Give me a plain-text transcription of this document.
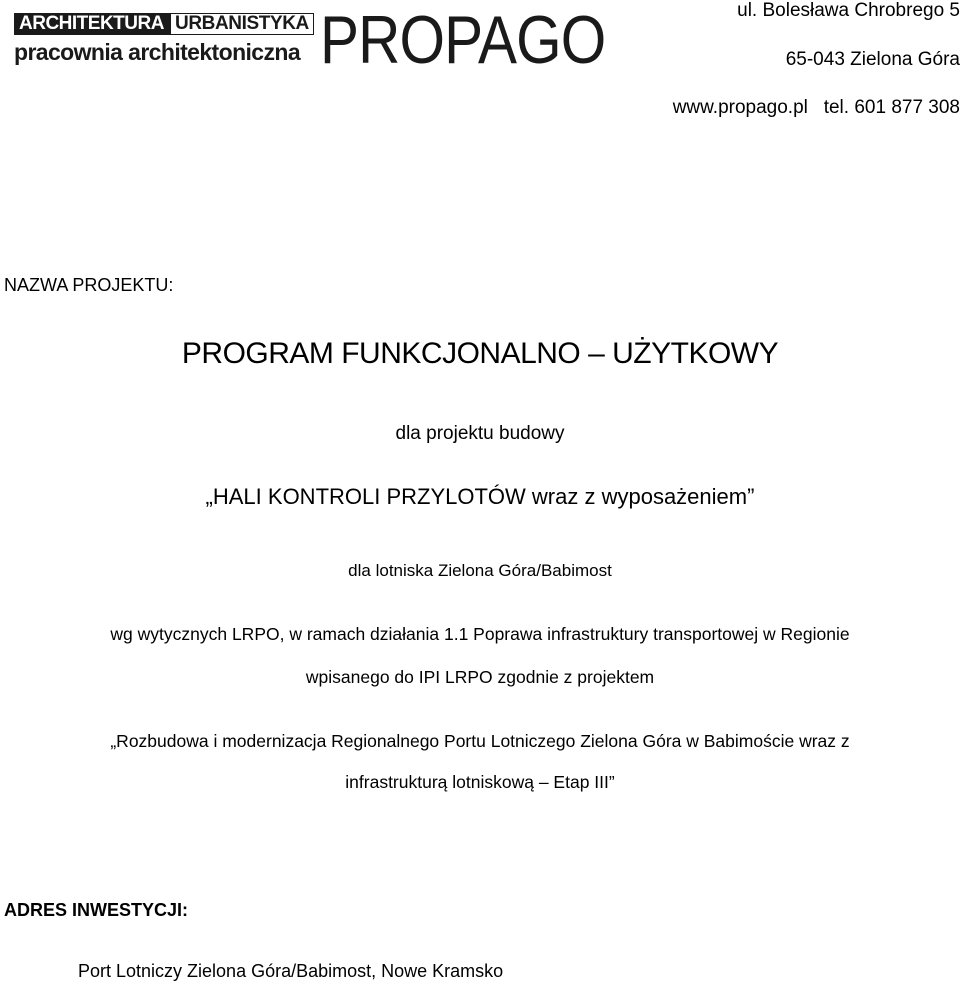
ARCHITEKTURA URBANISTYKA
pracownia architektoniczna PROPAGO	ul. Bolesława Chrobrego 5
65-043 Zielona Góra
www.propago.pl   tel. 601 877 308
NAZWA PROJEKTU:
PROGRAM FUNKCJONALNO – UŻYTKOWY
dla projektu budowy
„HALI KONTROLI PRZYLOTÓW wraz z wyposażeniem”
dla lotniska Zielona Góra/Babimost
wg wytycznych LRPO, w ramach działania 1.1 Poprawa infrastruktury transportowej w Regionie
wpisanego do IPI LRPO zgodnie z projektem
„Rozbudowa i modernizacja Regionalnego Portu Lotniczego Zielona Góra w Babimoście wraz z
infrastrukturą lotniskową – Etap III”
ADRES INWESTYCJI:
Port Lotniczy Zielona Góra/Babimost, Nowe Kramsko
